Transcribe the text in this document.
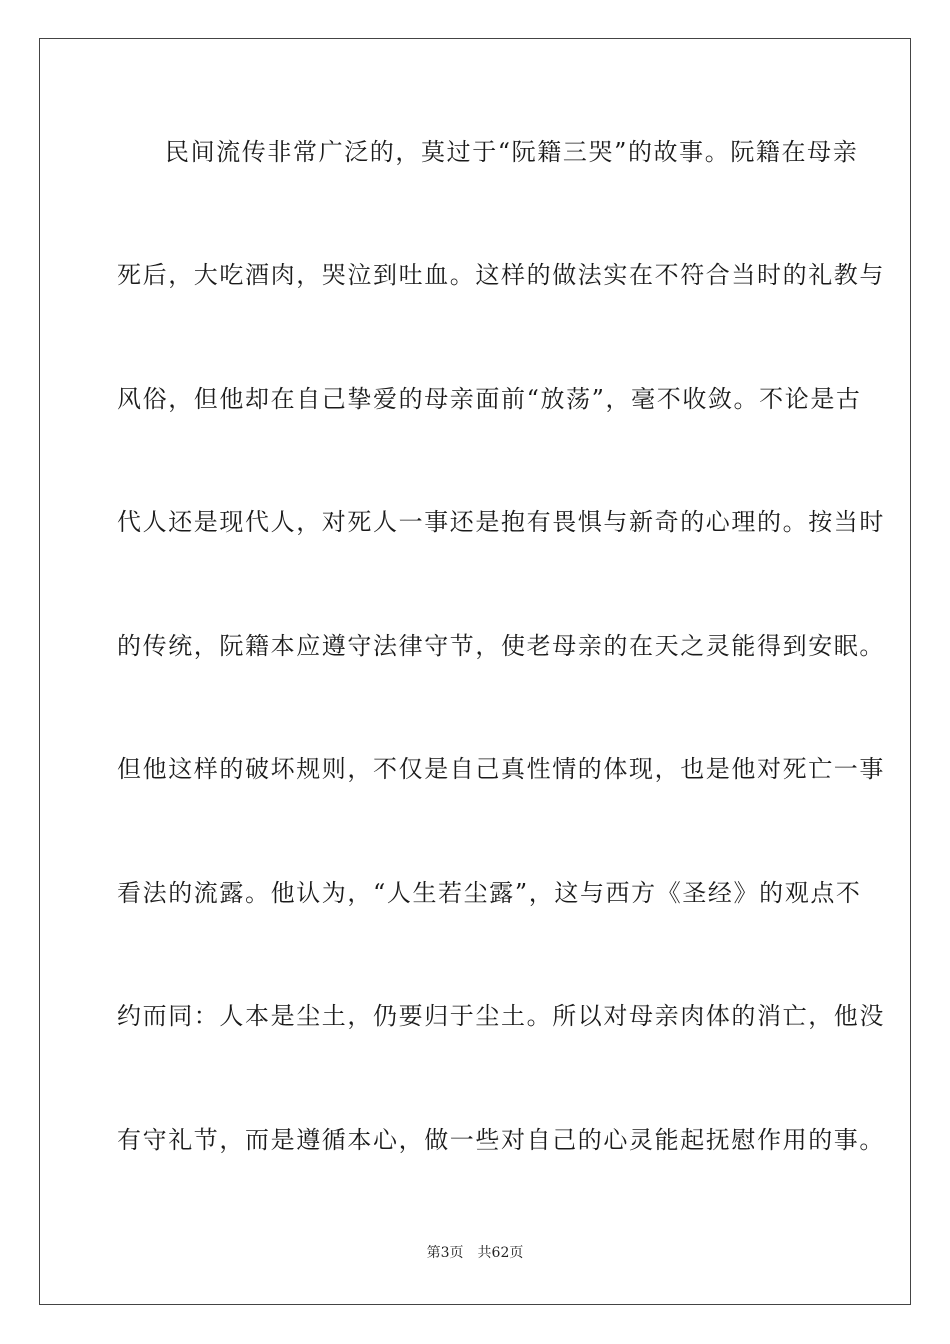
民间流传非常广泛的，莫过于“阮籍三哭”的故事。阮籍在母亲
死后，大吃酒肉，哭泣到吐血。这样的做法实在不符合当时的礼教与
风俗，但他却在自己挚爱的母亲面前“放荡”，毫不收敛。不论是古
代人还是现代人，对死人一事还是抱有畏惧与新奇的心理的。按当时
的传统，阮籍本应遵守法律守节，使老母亲的在天之灵能得到安眠。
但他这样的破坏规则，不仅是自己真性情的体现，也是他对死亡一事
看法的流露。他认为，“人生若尘露”，这与西方《圣经》的观点不
约而同：人本是尘土，仍要归于尘土。所以对母亲肉体的消亡，他没
有守礼节，而是遵循本心，做一些对自己的心灵能起抚慰作用的事。
第3页 共62页
